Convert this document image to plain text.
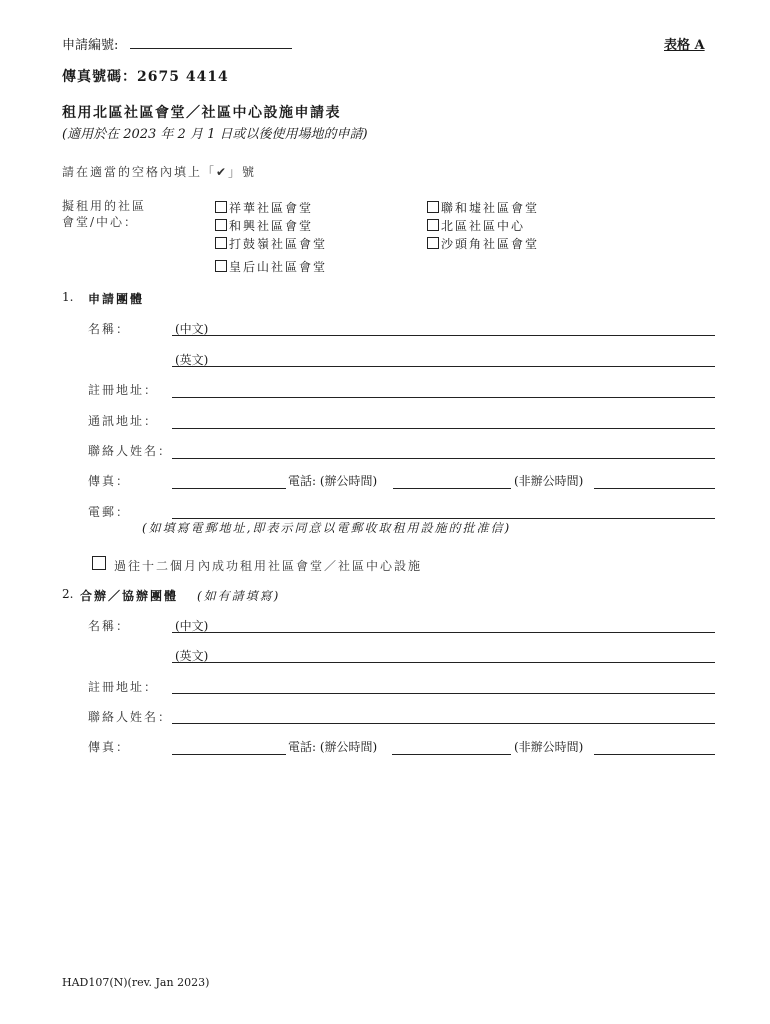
申請編號:	表格 A
傳真號碼：2675 4414
租用北區社區會堂／社區中心設施申請表
(適用於在 2023 年 2 月 1 日或以後使用場地的申請)
請在適當的空格內填上「✔」號
擬租用的社區
會堂/中心：
祥華社區會堂
和興社區會堂
打鼓嶺社區會堂
皇后山社區會堂
聯和墟社區會堂
北區社區中心
沙頭角社區會堂
1. 申請團體
名稱：	(中文)
(英文)
註冊地址：
通訊地址：
聯絡人姓名：
傳真：	電話: (辦公時間)	(非辦公時間)
電郵：
(如填寫電郵地址,即表示同意以電郵收取租用設施的批准信)
過往十二個月內成功租用社區會堂／社區中心設施
2. 合辦／協辦團體 (如有請填寫)
名稱：	(中文)
(英文)
註冊地址：
聯絡人姓名：
傳真：	電話: (辦公時間)	(非辦公時間)
HAD107(N)(rev. Jan 2023)
